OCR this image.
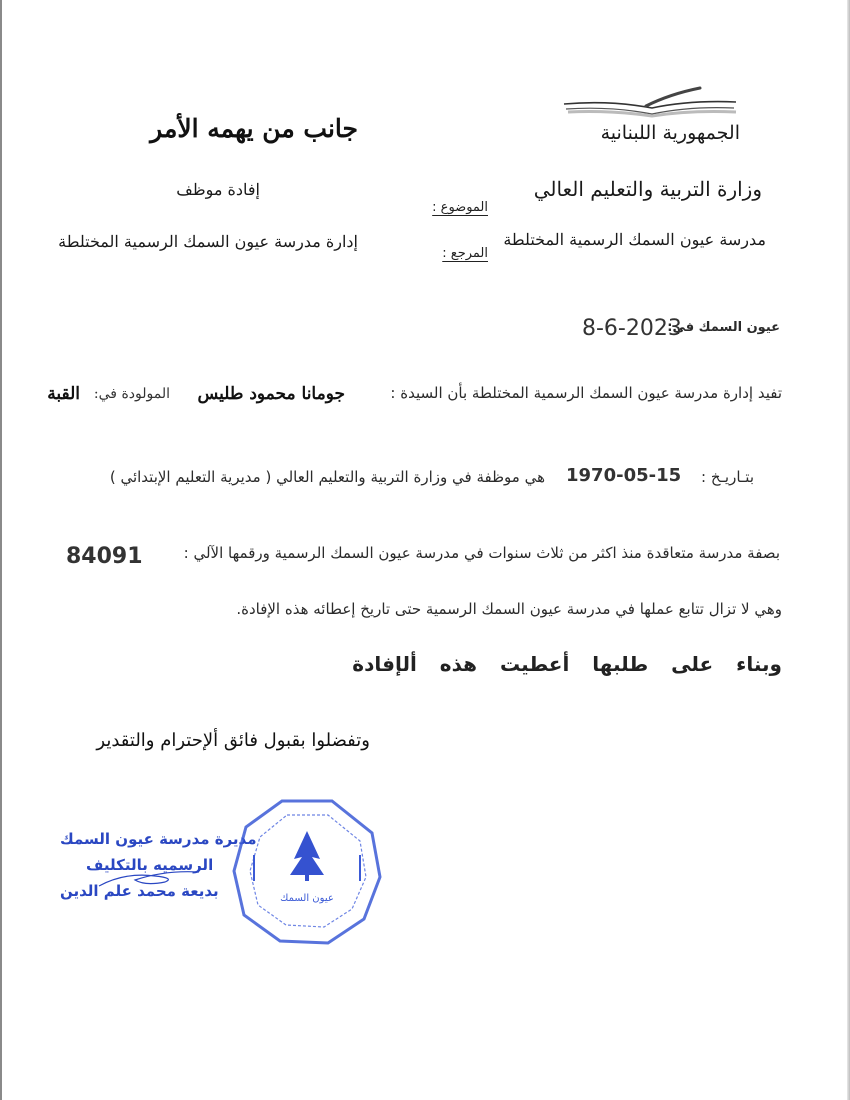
الجمهورية اللبنانية
وزارة التربية والتعليم العالي
مدرسة عيون السمك الرسمية المختلطة
جانب من يهمه الأمر
إفادة موظف
إدارة مدرسة عيون السمك الرسمية المختلطة
الموضوع :
المرجع :
عيون السمك في:
8-6-2023
تفيد إدارة مدرسة عيون السمك الرسمية المختلطة بأن السيدة :
جومانا محمود طليس
المولودة في:
القبة
بتـاريـخ :
1970-05-15
هي موظفة في وزارة التربية والتعليم العالي ( مديرية التعليم الإبتدائي )
بصفة مدرسة متعاقدة منذ اكثر من ثلاث سنوات في مدرسة عيون السمك الرسمية ورقمها الآلي :
84091
وهي لا تزال تتابع عملها في مدرسة عيون السمك الرسمية حتى تاريخ إعطائه هذه الإفادة.
وبناء على طلبها أعطيت هذه ألإفادة
وتفضلوا بقبول فائق ألإحترام والتقدير
مديرة مدرسة عيون السمك
الرسميه بالتكليف
بديعة محمد علم الدين	عيون السمك
